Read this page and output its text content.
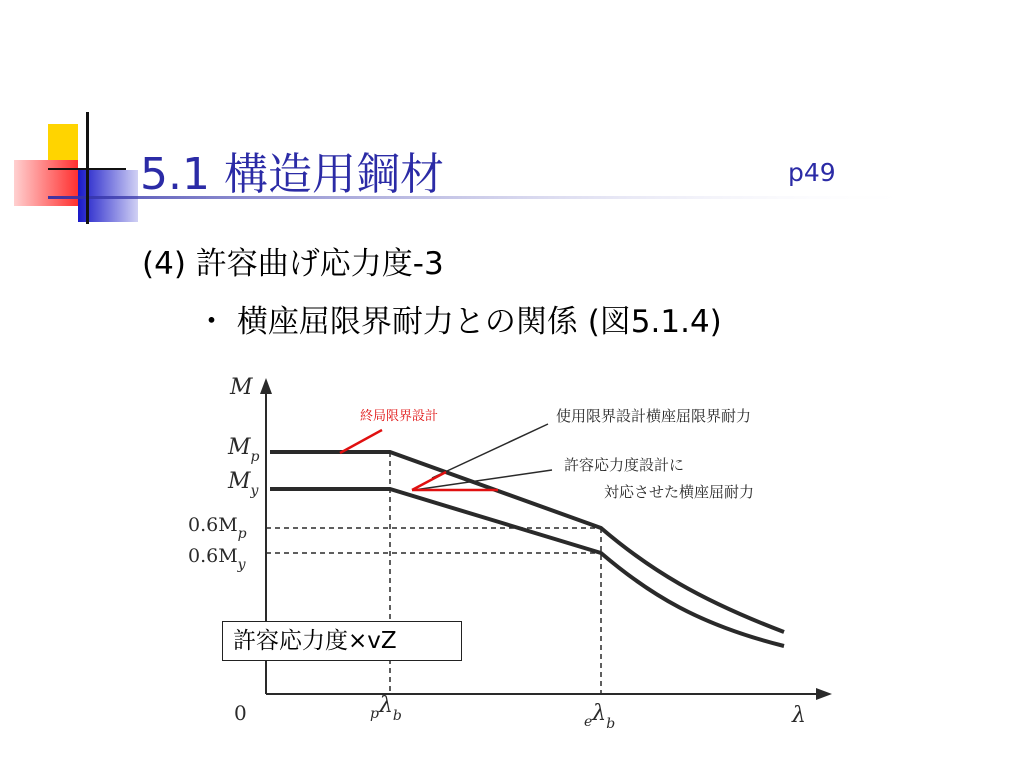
5.1 構造用鋼材	p49
(4) 許容曲げ応力度-3
・ 横座屈限界耐力との関係 (図5.1.4)
M
0	λ
$M_p$
$M_y$
$0.6M_p$
$0.6M_y$
pλb	eλb
終局限界設計	使用限界設計横座屈限界耐力
許容応力度設計に
対応させた横座屈耐力
許容応力度×vZ
